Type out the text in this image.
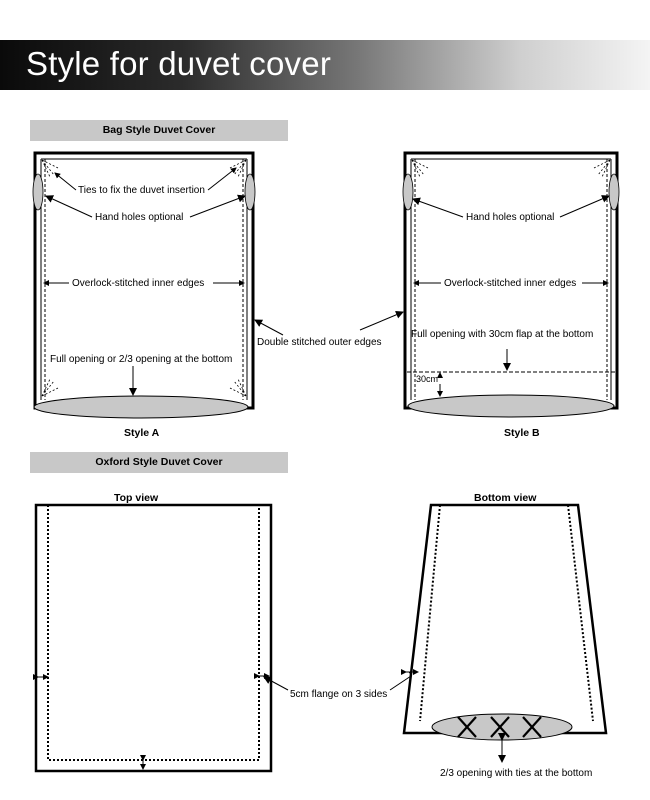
Style for duvet cover
Bag Style Duvet Cover
Oxford Style Duvet Cover
Ties to fix the duvet insertion
Hand holes optional
Overlock-stitched inner edges
Full opening or 2/3 opening at the bottom
Style A
Double stitched outer edges
Hand holes optional
Overlock-stitched inner edges
Full opening with 30cm flap at the bottom
30cm
Style B
Top view
5cm flange on 3 sides
Bottom view
2/3 opening with ties at the bottom
